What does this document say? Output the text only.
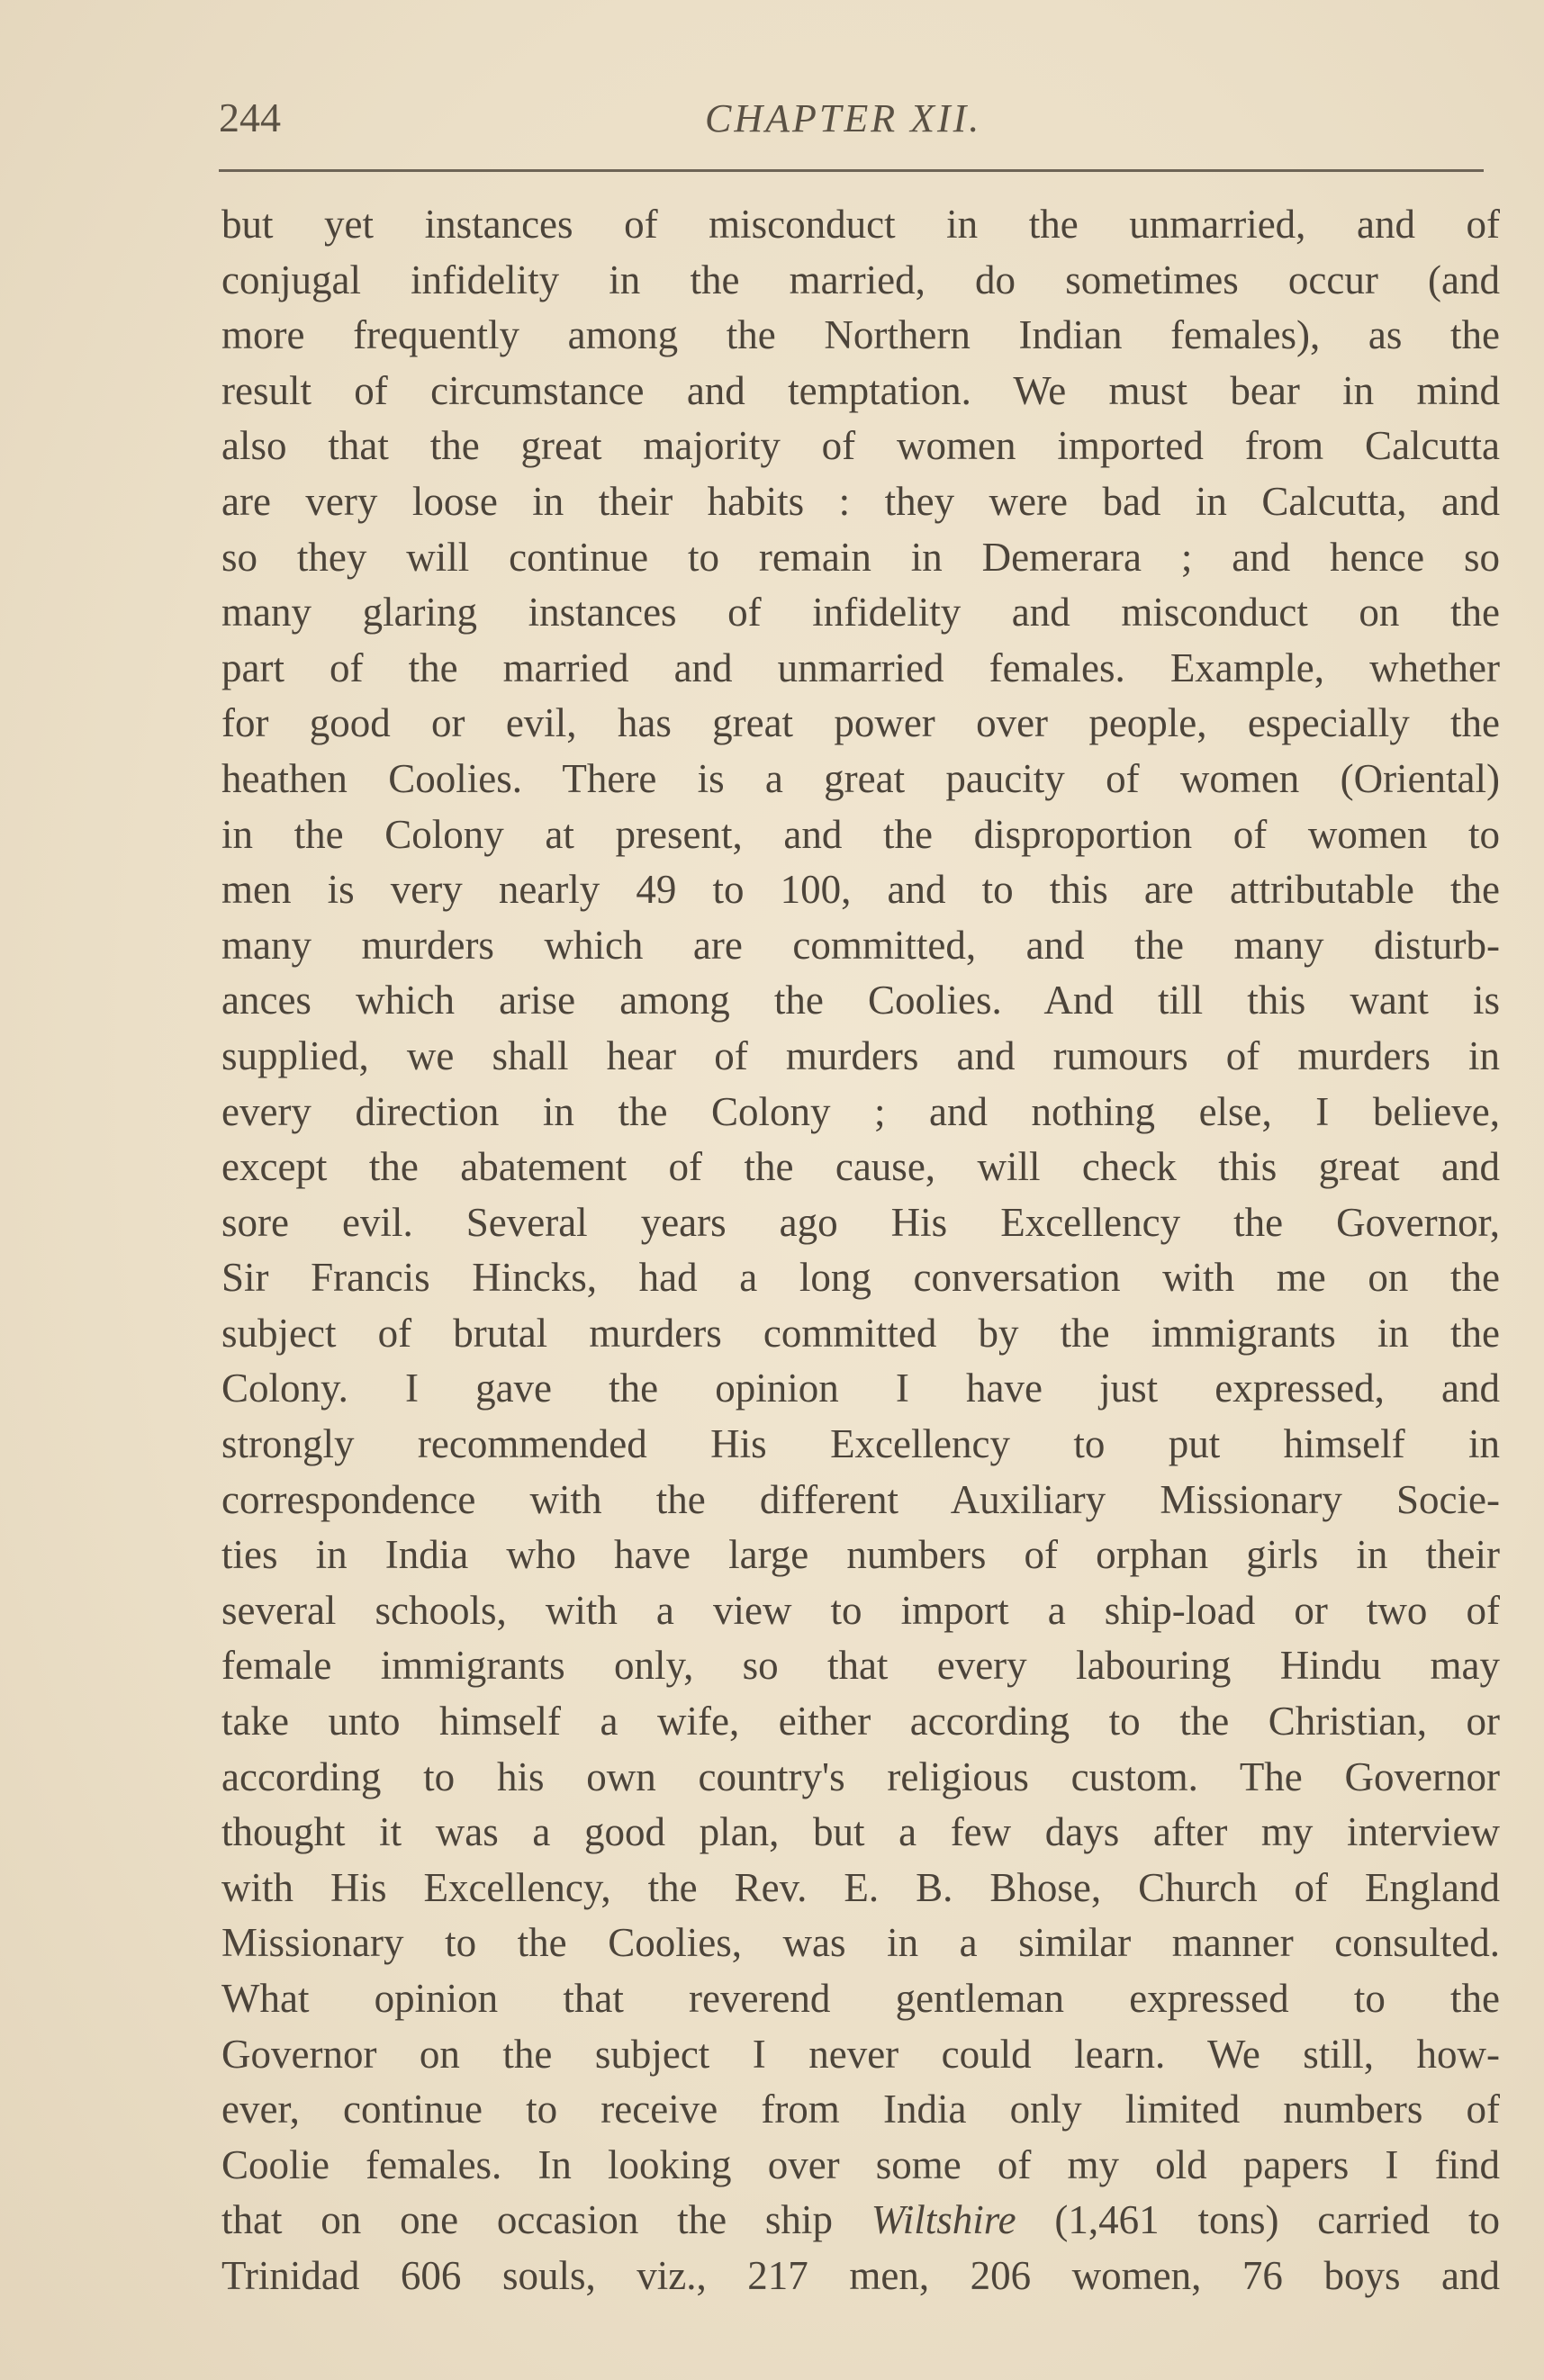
244	CHAPTER XII.
but yet instances of misconduct in the unmarried, and of
conjugal infidelity in the married, do sometimes occur (and
more frequently among the Northern Indian females), as the
result of circumstance and temptation. We must bear in mind
also that the great majority of women imported from Calcutta
are very loose in their habits : they were bad in Calcutta, and
so they will continue to remain in Demerara ; and hence so
many glaring instances of infidelity and misconduct on the
part of the married and unmarried females. Example, whether
for good or evil, has great power over people, especially the
heathen Coolies. There is a great paucity of women (Oriental)
in the Colony at present, and the disproportion of women to
men is very nearly 49 to 100, and to this are attributable the
many murders which are committed, and the many disturb-
ances which arise among the Coolies. And till this want is
supplied, we shall hear of murders and rumours of murders in
every direction in the Colony ; and nothing else, I believe,
except the abatement of the cause, will check this great and
sore evil. Several years ago His Excellency the Governor,
Sir Francis Hincks, had a long conversation with me on the
subject of brutal murders committed by the immigrants in the
Colony. I gave the opinion I have just expressed, and
strongly recommended His Excellency to put himself in
correspondence with the different Auxiliary Missionary Socie-
ties in India who have large numbers of orphan girls in their
several schools, with a view to import a ship-load or two of
female immigrants only, so that every labouring Hindu may
take unto himself a wife, either according to the Christian, or
according to his own country's religious custom. The Governor
thought it was a good plan, but a few days after my interview
with His Excellency, the Rev. E. B. Bhose, Church of England
Missionary to the Coolies, was in a similar manner consulted.
What opinion that reverend gentleman expressed to the
Governor on the subject I never could learn. We still, how-
ever, continue to receive from India only limited numbers of
Coolie females. In looking over some of my old papers I find
that on one occasion the ship Wiltshire (1,461 tons) carried to
Trinidad 606 souls, viz., 217 men, 206 women, 76 boys and
